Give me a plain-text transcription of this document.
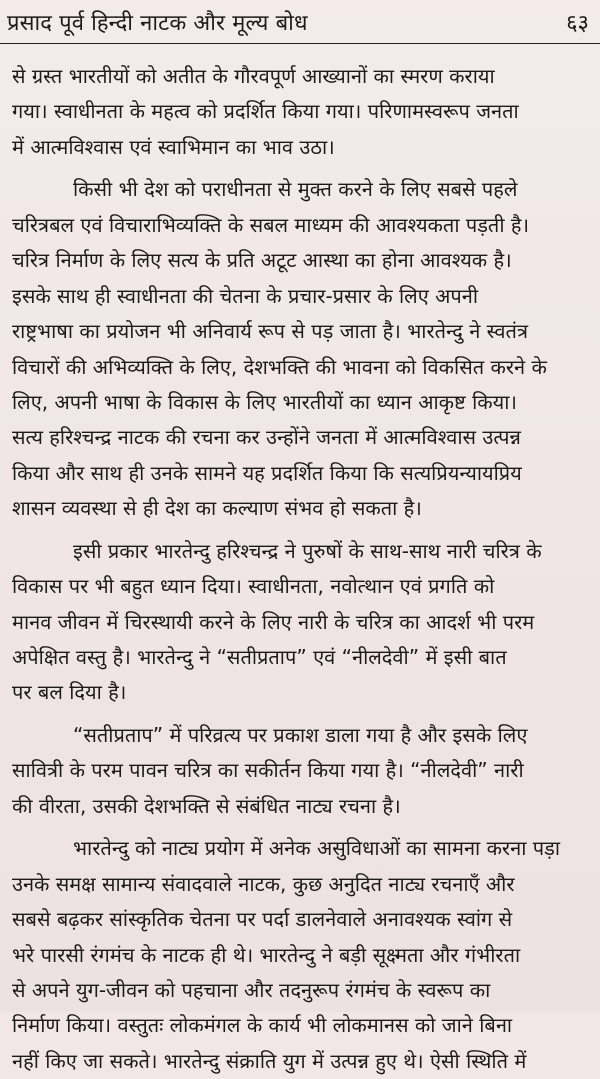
प्रसाद पूर्व हिन्दी नाटक और मूल्य बोध	६३

से ग्रस्त भारतीयों को अतीत के गौरवपूर्ण आख्यानों का स्मरण कराया
गया। स्वाधीनता के महत्व को प्रदर्शित किया गया। परिणामस्वरूप जनता
में आत्मविश्वास एवं स्वाभिमान का भाव उठा।

किसी भी देश को पराधीनता से मुक्त करने के लिए सबसे पहले
चरित्रबल एवं विचाराभिव्यक्ति के सबल माध्यम की आवश्यकता पड़ती है।
चरित्र निर्माण के लिए सत्य के प्रति अटूट आस्था का होना आवश्यक है।
इसके साथ ही स्वाधीनता की चेतना के प्रचार-प्रसार के लिए अपनी
राष्ट्रभाषा का प्रयोजन भी अनिवार्य रूप से पड़ जाता है। भारतेन्दु ने स्वतंत्र
विचारों की अभिव्यक्ति के लिए, देशभक्ति की भावना को विकसित करने के
लिए, अपनी भाषा के विकास के लिए भारतीयों का ध्यान आकृष्ट किया।
सत्य हरिश्चन्द्र नाटक की रचना कर उन्होंने जनता में आत्मविश्वास उत्पन्न
किया और साथ ही उनके सामने यह प्रदर्शित किया कि सत्यप्रियन्यायप्रिय
शासन व्यवस्था से ही देश का कल्याण संभव हो सकता है।

इसी प्रकार भारतेन्दु हरिश्चन्द्र ने पुरुषों के साथ-साथ नारी चरित्र के
विकास पर भी बहुत ध्यान दिया। स्वाधीनता, नवोत्थान एवं प्रगति को
मानव जीवन में चिरस्थायी करने के लिए नारी के चरित्र का आदर्श भी परम
अपेक्षित वस्तु है। भारतेन्दु ने “सतीप्रताप” एवं “नीलदेवी” में इसी बात
पर बल दिया है।

“सतीप्रताप” में परिव्रत्य पर प्रकाश डाला गया है और इसके लिए
सावित्री के परम पावन चरित्र का सकीर्तन किया गया है। “नीलदेवी” नारी
की वीरता, उसकी देशभक्ति से संबंधित नाट्य रचना है।

भारतेन्दु को नाट्य प्रयोग में अनेक असुविधाओं का सामना करना पड़ा
उनके समक्ष सामान्य संवादवाले नाटक, कुछ अनुदित नाट्य रचनाएँ और
सबसे बढ़कर सांस्कृतिक चेतना पर पर्दा डालनेवाले अनावश्यक स्वांग से
भरे पारसी रंगमंच के नाटक ही थे। भारतेन्दु ने बड़ी सूक्ष्मता और गंभीरता
से अपने युग-जीवन को पहचाना और तदनुरूप रंगमंच के स्वरूप का
निर्माण किया। वस्तुतः लोकमंगल के कार्य भी लोकमानस को जाने बिना
नहीं किए जा सकते। भारतेन्दु संक्राति युग में उत्पन्न हुए थे। ऐसी स्थिति में
